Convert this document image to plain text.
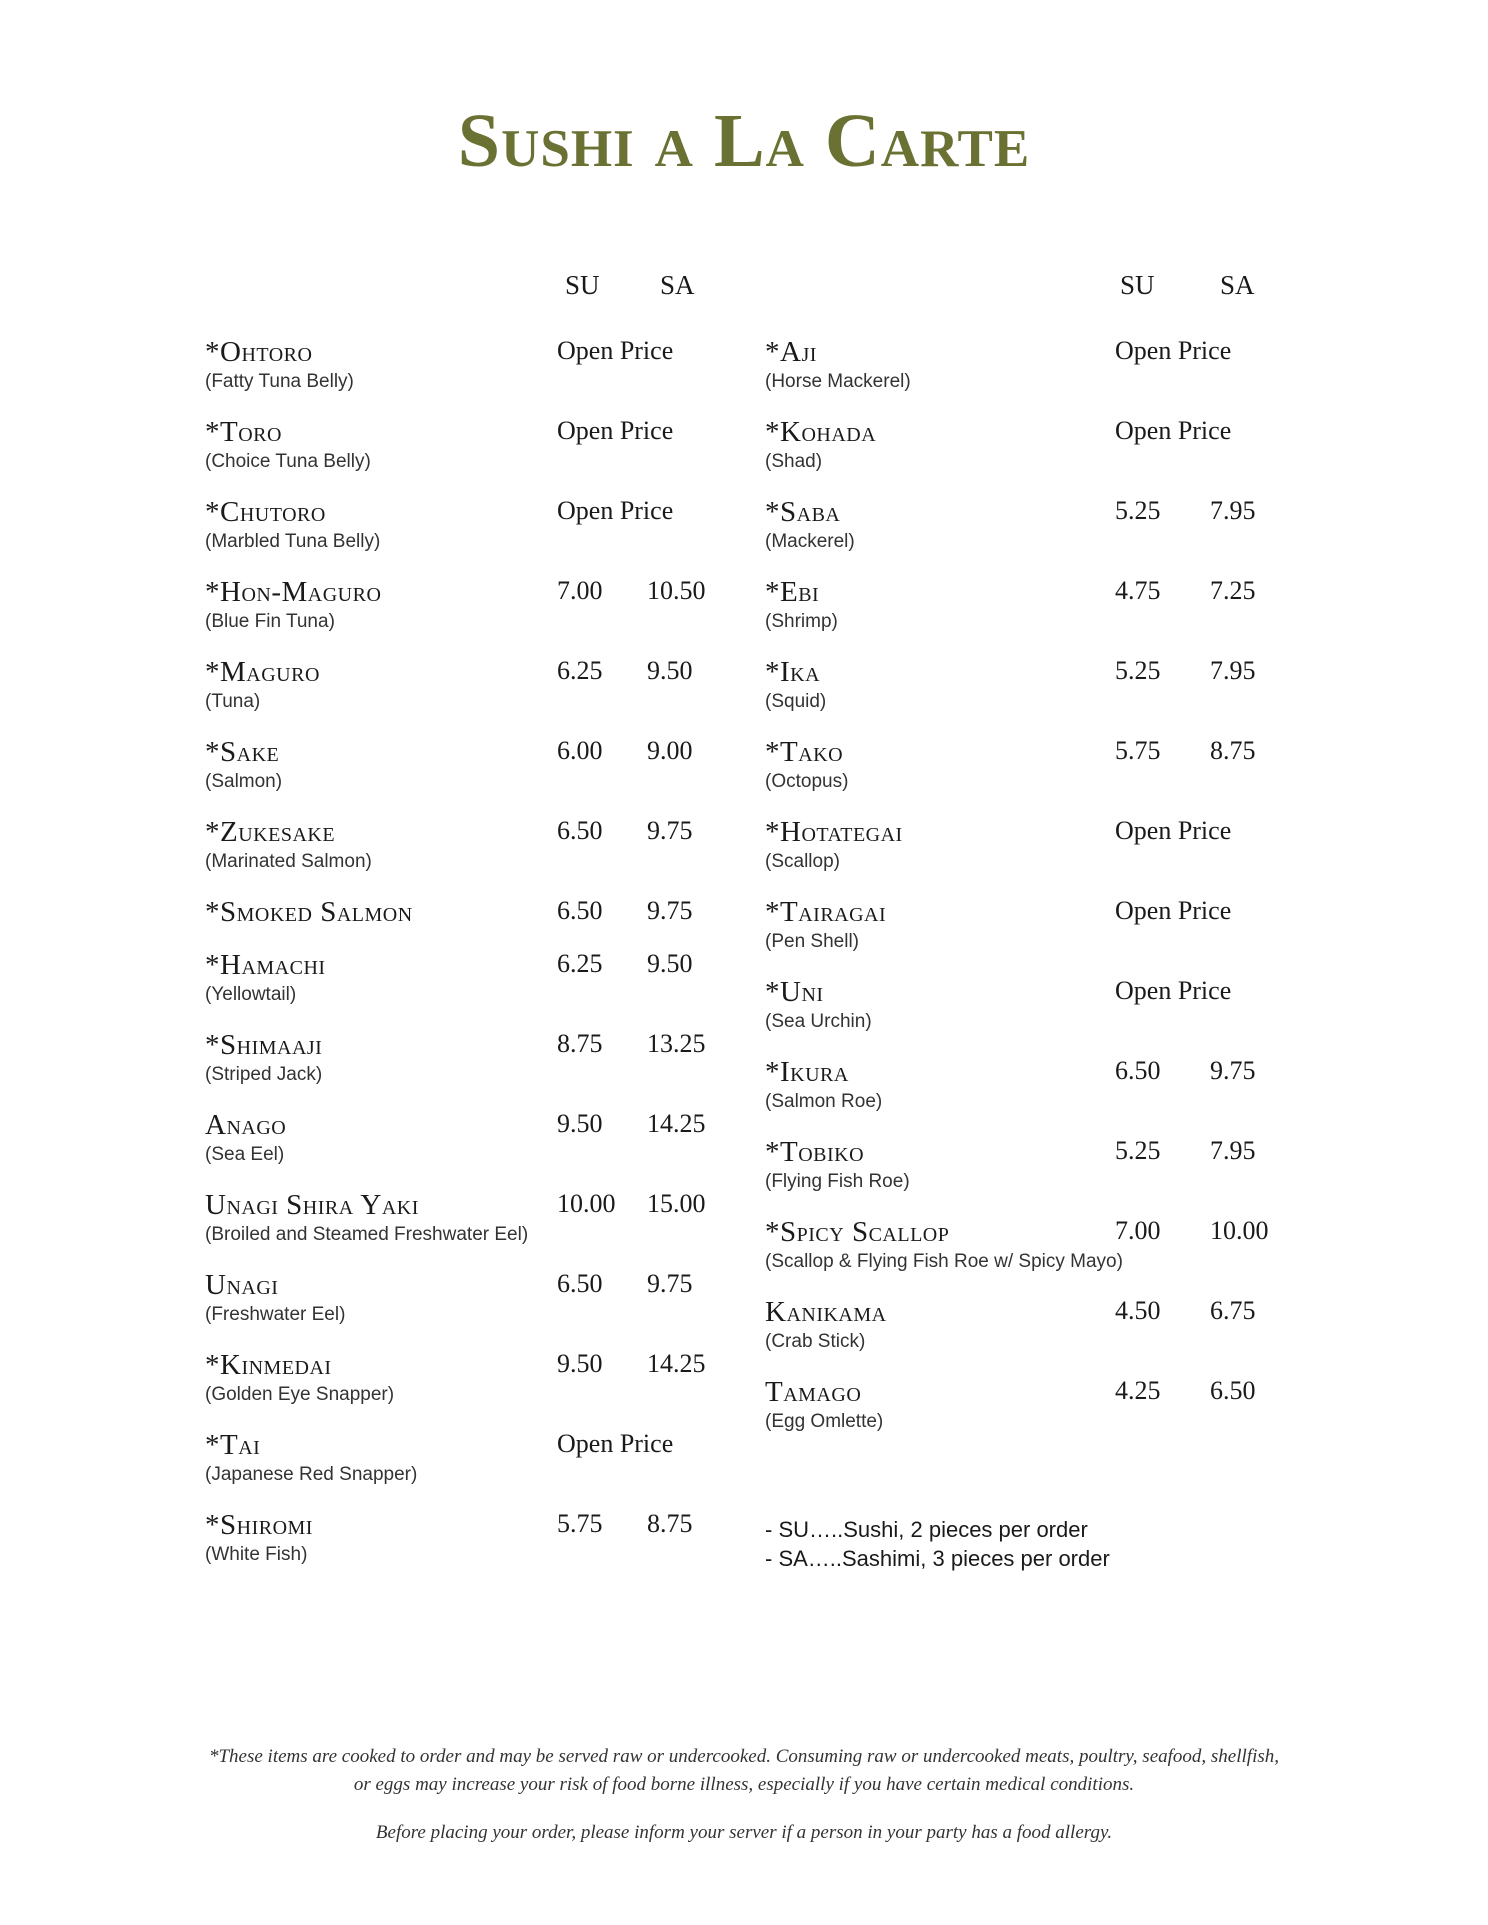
Sushi a La Carte
SU SA
*Ohtoro
(Fatty Tuna Belly)
Open Price
*Toro
(Choice Tuna Belly)
Open Price
*Chutoro
(Marbled Tuna Belly)
Open Price
*Hon-Maguro
(Blue Fin Tuna)
7.00 10.50
*Maguro
(Tuna)
6.25 9.50
*Sake
(Salmon)
6.00 9.00
*Zukesake
(Marinated Salmon)
6.50 9.75
*Smoked Salmon	6.50 9.75
*Hamachi
(Yellowtail)
6.25 9.50
*Shimaaji
(Striped Jack)
8.75 13.25
Anago
(Sea Eel)
9.50 14.25
Unagi Shira Yaki
(Broiled and Steamed Freshwater Eel)
10.00 15.00
Unagi
(Freshwater Eel)
6.50 9.75
*Kinmedai
(Golden Eye Snapper)
9.50 14.25
*Tai
(Japanese Red Snapper)
Open Price
*Shiromi
(White Fish)
5.75 8.75
SU SA
*Aji
(Horse Mackerel)
Open Price
*Kohada
(Shad)
Open Price
*Saba
(Mackerel)
5.25 7.95
*Ebi
(Shrimp)
4.75 7.25
*Ika
(Squid)
5.25 7.95
*Tako
(Octopus)
5.75 8.75
*Hotategai
(Scallop)
Open Price
*Tairagai
(Pen Shell)
Open Price
*Uni
(Sea Urchin)
Open Price
*Ikura
(Salmon Roe)
6.50 9.75
*Tobiko
(Flying Fish Roe)
5.25 7.95
*Spicy Scallop
(Scallop & Flying Fish Roe w/ Spicy Mayo)
7.00 10.00
Kanikama
(Crab Stick)
4.50 6.75
Tamago
(Egg Omlette)
4.25 6.50
- SU…..Sushi, 2 pieces per order
- SA…..Sashimi, 3 pieces per order
*These items are cooked to order and may be served raw or undercooked. Consuming raw or undercooked meats, poultry, seafood, shellfish, or eggs may increase your risk of food borne illness, especially if you have certain medical conditions.
Before placing your order, please inform your server if a person in your party has a food allergy.
